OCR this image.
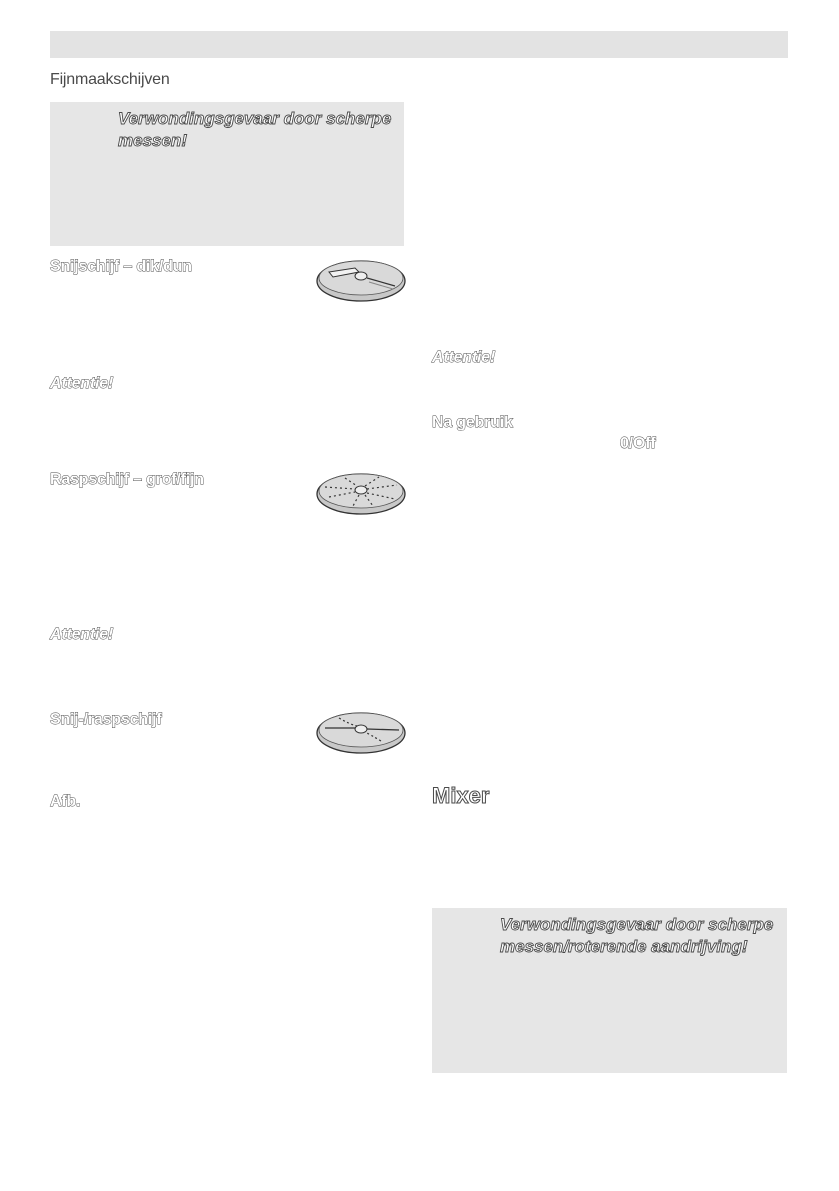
Fijnmaakschijven
Verwondingsgevaar door scherpe
messen!
Snijschijf – dik/dun
Attentie!
Raspschijf – grof/fijn
Attentie!
Snij-/raspschijf
Afb.
Attentie!
Na gebruik
0/Off
Mixer
Verwondingsgevaar door scherpe
messen/roterende aandrijving!
